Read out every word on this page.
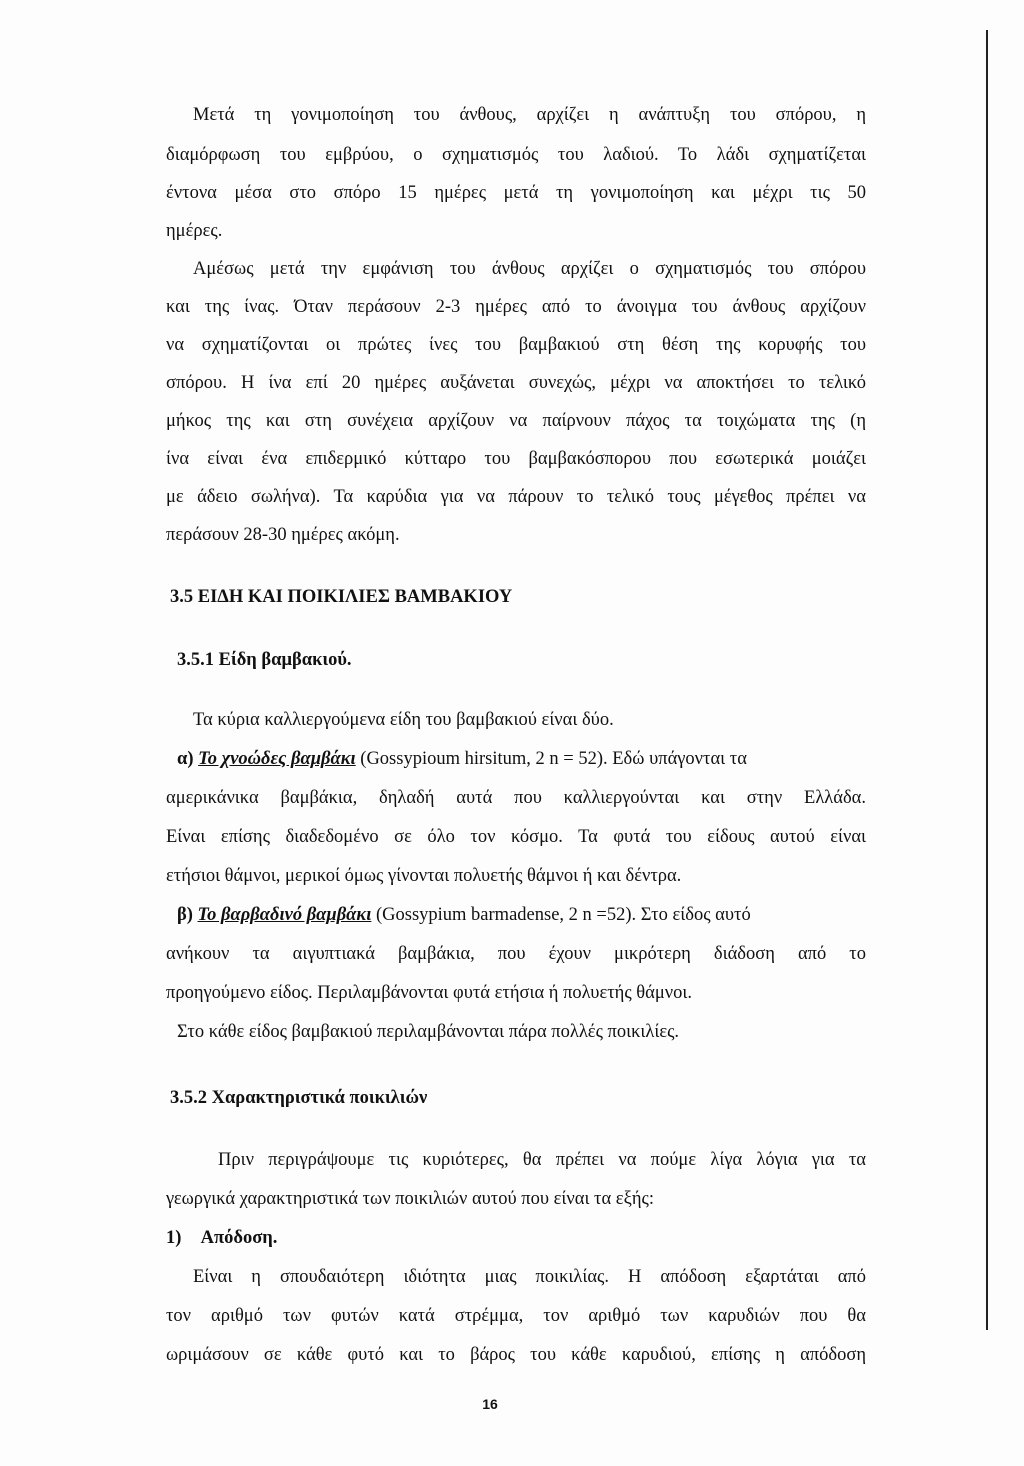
Μετά τη γονιμοποίηση του άνθους, αρχίζει η ανάπτυξη του σπόρου, η
διαμόρφωση του εμβρύου, ο σχηματισμός του λαδιού. Το λάδι σχηματίζεται
έντονα μέσα στο σπόρο 15 ημέρες μετά τη γονιμοποίηση και μέχρι τις 50
ημέρες.
Αμέσως μετά την εμφάνιση του άνθους αρχίζει ο σχηματισμός του σπόρου
και της ίνας. Όταν περάσουν 2-3 ημέρες από το άνοιγμα του άνθους αρχίζουν
να σχηματίζονται οι πρώτες ίνες του βαμβακιού στη θέση της κορυφής του
σπόρου. Η ίνα επί 20 ημέρες αυξάνεται συνεχώς, μέχρι να αποκτήσει το τελικό
μήκος της και στη συνέχεια αρχίζουν να παίρνουν πάχος τα τοιχώματα της (η
ίνα είναι ένα επιδερμικό κύτταρο του βαμβακόσπορου που εσωτερικά μοιάζει
με άδειο σωλήνα). Τα καρύδια για να πάρουν το τελικό τους μέγεθος πρέπει να
περάσουν 28-30 ημέρες ακόμη.
3.5 ΕΙΔΗ ΚΑΙ ΠΟΙΚΙΛΙΕΣ ΒΑΜΒΑΚΙΟΥ
3.5.1 Είδη βαμβακιού.
Τα κύρια καλλιεργούμενα είδη του βαμβακιού είναι δύο.
α) Το χνοώδες βαμβάκι (Gossypioum hirsitum, 2 n = 52). Εδώ υπάγονται τα
αμερικάνικα βαμβάκια, δηλαδή αυτά που καλλιεργούνται και στην Ελλάδα.
Είναι επίσης διαδεδομένο σε όλο τον κόσμο. Τα φυτά του είδους αυτού είναι
ετήσιοι θάμνοι, μερικοί όμως γίνονται πολυετής θάμνοι ή και δέντρα.
β) Το βαρβαδινό βαμβάκι (Gossypium barmadense, 2 n =52). Στο είδος αυτό
ανήκουν τα αιγυπτιακά βαμβάκια, που έχουν μικρότερη διάδοση από το
προηγούμενο είδος. Περιλαμβάνονται φυτά ετήσια ή πολυετής θάμνοι.
Στο κάθε είδος βαμβακιού περιλαμβάνονται πάρα πολλές ποικιλίες.
3.5.2 Χαρακτηριστικά ποικιλιών
Πριν περιγράψουμε τις κυριότερες, θα πρέπει να πούμε λίγα λόγια για τα
γεωργικά χαρακτηριστικά των ποικιλιών αυτού που είναι τα εξής:
1) Απόδοση.
Είναι η σπουδαιότερη ιδιότητα μιας ποικιλίας. Η απόδοση εξαρτάται από
τον αριθμό των φυτών κατά στρέμμα, τον αριθμό των καρυδιών που θα
ωριμάσουν σε κάθε φυτό και το βάρος του κάθε καρυδιού, επίσης η απόδοση
16
